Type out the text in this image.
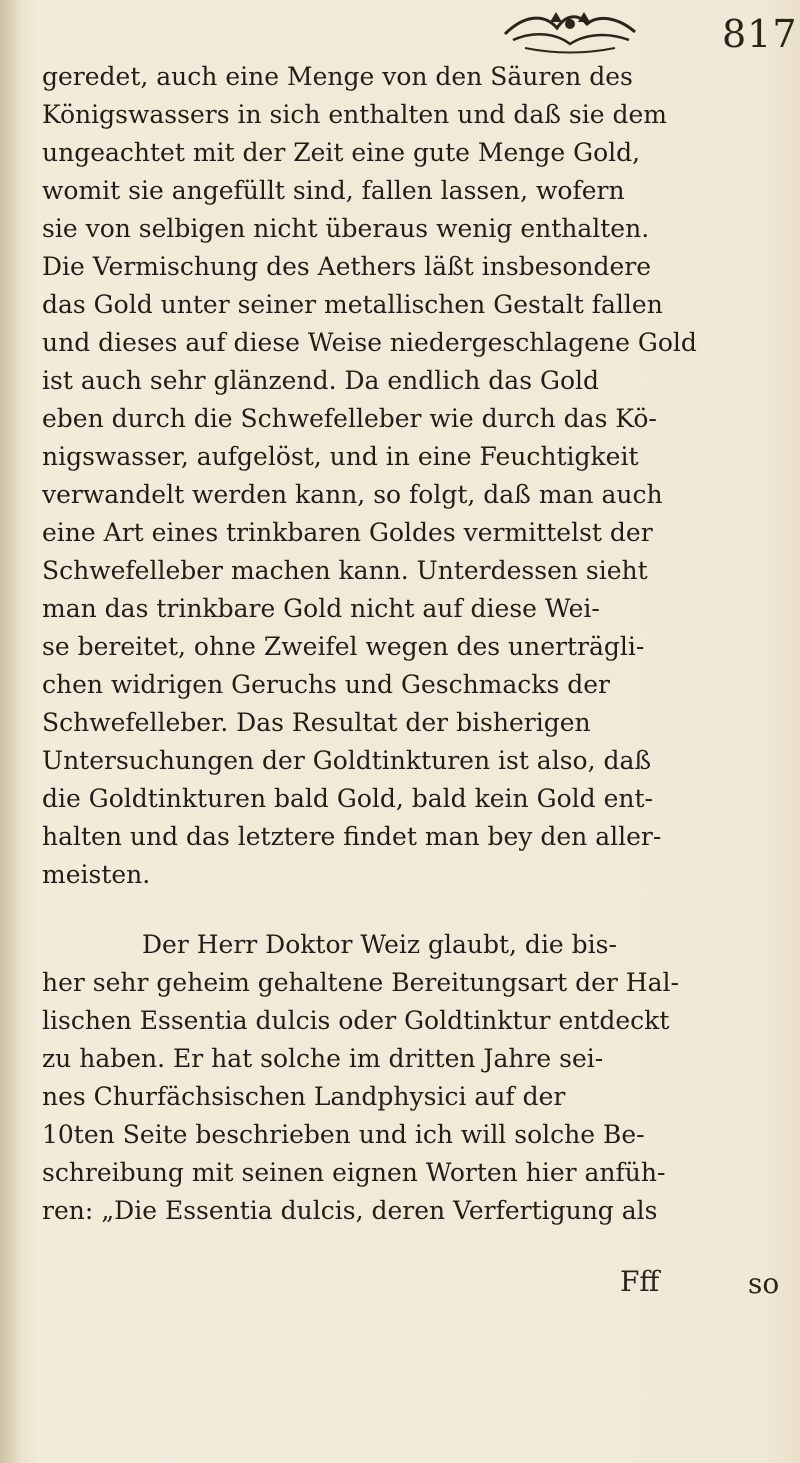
817
geredet, auch eine Menge von den Säuren des
Königswassers in sich enthalten und daß sie dem
ungeachtet mit der Zeit eine gute Menge Gold,
womit sie angefüllt sind, fallen lassen, wofern
sie von selbigen nicht überaus wenig enthalten.
Die Vermischung des Aethers läßt insbesondere
das Gold unter seiner metallischen Gestalt fallen
und dieses auf diese Weise niedergeschlagene Gold
ist auch sehr glänzend. Da endlich das Gold
eben durch die Schwefelleber wie durch das Kö-
nigswasser, aufgelöst, und in eine Feuchtigkeit
verwandelt werden kann, so folgt, daß man auch
eine Art eines trinkbaren Goldes vermittelst der
Schwefelleber machen kann. Unterdessen sieht
man das trinkbare Gold nicht auf diese Wei-
se bereitet, ohne Zweifel wegen des unerträgli-
chen widrigen Geruchs und Geschmacks der
Schwefelleber. Das Resultat der bisherigen
Untersuchungen der Goldtinkturen ist also, daß
die Goldtinkturen bald Gold, bald kein Gold ent-
halten und das letztere findet man bey den aller-
meisten.
Der Herr Doktor Weiz glaubt, die bis-
her sehr geheim gehaltene Bereitungsart der Hal-
lischen Essentia dulcis oder Goldtinktur entdeckt
zu haben. Er hat solche im dritten Jahre sei-
nes Churfächsischen Landphysici auf der
10ten Seite beschrieben und ich will solche Be-
schreibung mit seinen eignen Worten hier anfüh-
ren: „Die Essentia dulcis, deren Verfertigung als
Fff	so
